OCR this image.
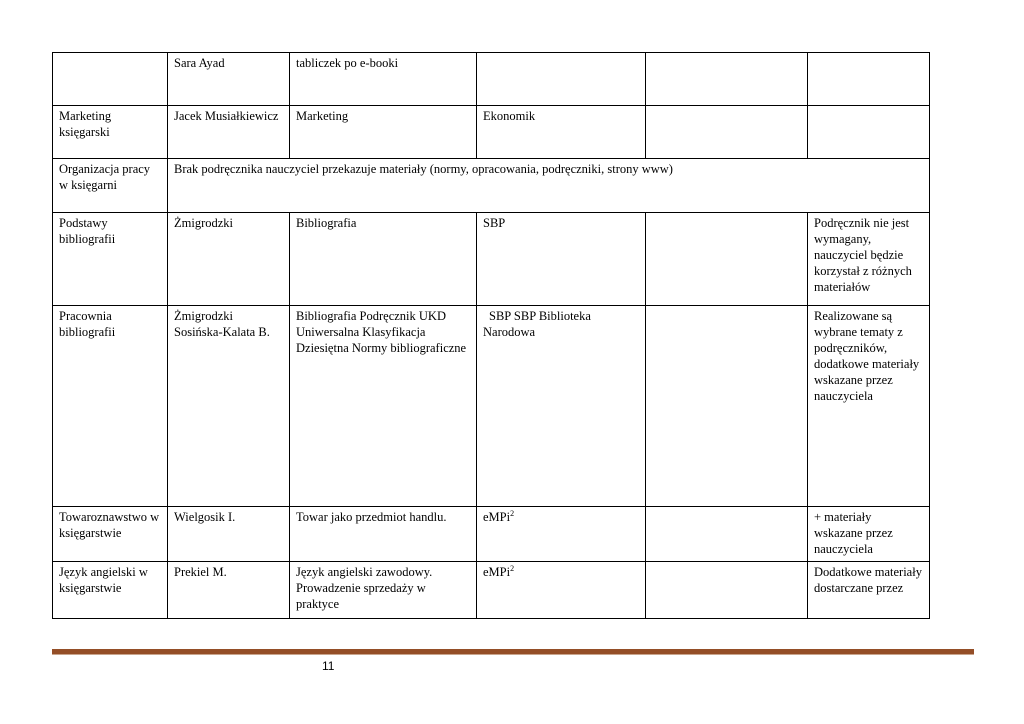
	Sara Ayad	tabliczek po e-booki			
Marketing księgarski	Jacek Musiałkiewicz	Marketing	Ekonomik		
Organizacja pracy w księgarni	Brak podręcznika nauczyciel przekazuje materiały (normy, opracowania, podręczniki, strony www)				
Podstawy bibliografii	Żmigrodzki	Bibliografia	SBP		Podręcznik nie jest wymagany, nauczyciel będzie korzystał z różnych materiałów
Pracownia bibliografii	Żmigrodzki Sosińska-Kalata B.	Bibliografia Podręcznik UKD Uniwersalna Klasyfikacja Dziesiętna Normy bibliograficzne	SBP SBP Biblioteka Narodowa		Realizowane są wybrane tematy z podręczników, dodatkowe materiały wskazane przez nauczyciela
Towaroznawstwo w księgarstwie	Wielgosik I.	Towar jako przedmiot handlu.	eMPi$^2$		+ materiały wskazane przez nauczyciela
Język angielski w księgarstwie	Prekiel M.	Język angielski zawodowy. Prowadzenie sprzedaży w praktyce	eMPi$^2$		Dodatkowe materiały dostarczane przez
11
